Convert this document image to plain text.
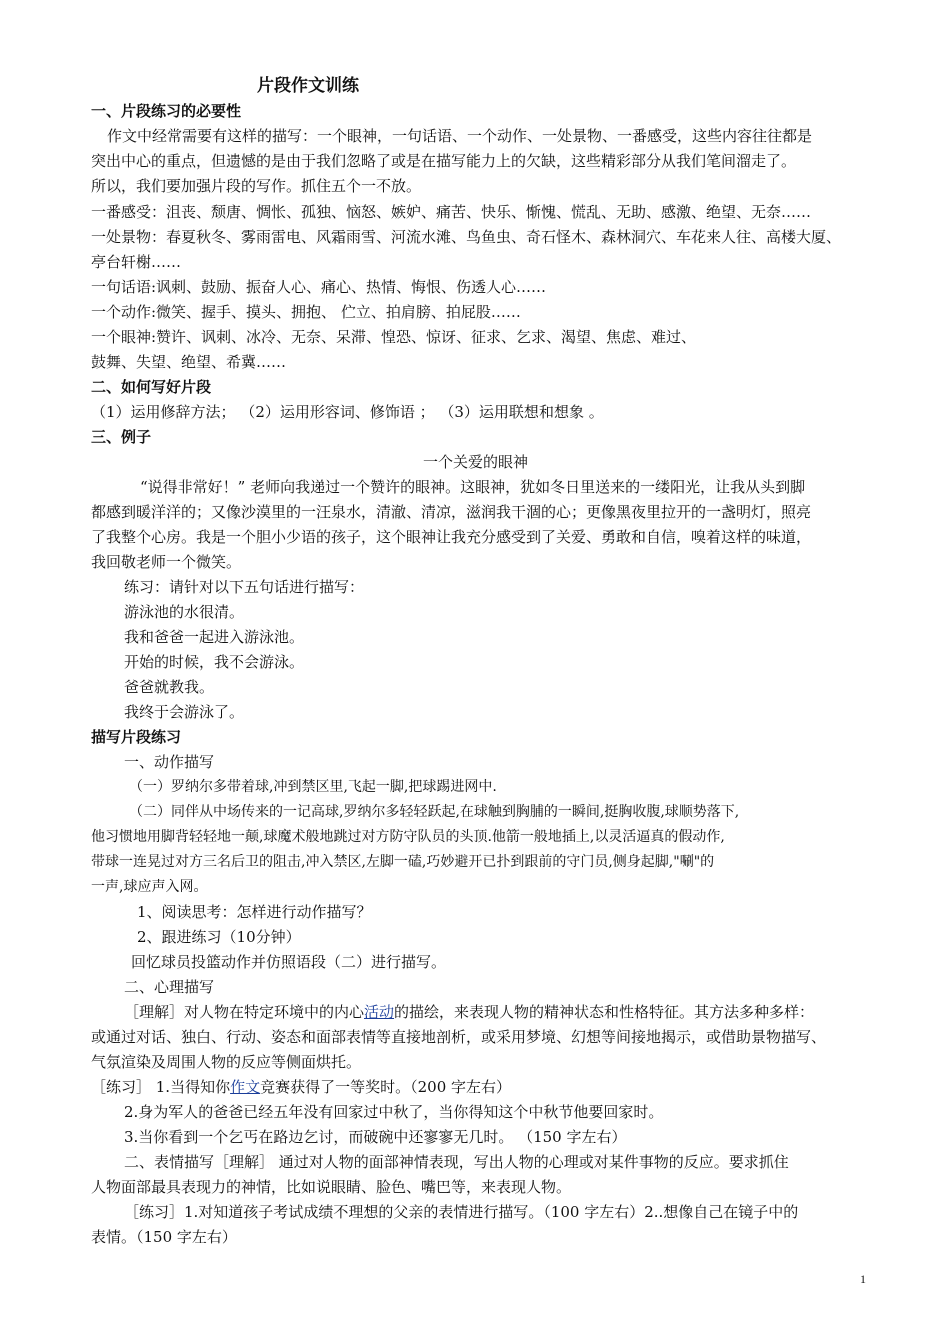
片段作文训练
一、片段练习的必要性
作文中经常需要有这样的描写：一个眼神，一句话语、一个动作、一处景物、一番感受，这些内容往往都是
突出中心的重点，但遗憾的是由于我们忽略了或是在描写能力上的欠缺，这些精彩部分从我们笔间溜走了。
所以，我们要加强片段的写作。抓住五个一不放。
一番感受：沮丧、颓唐、惆怅、孤独、恼怒、嫉妒、痛苦、快乐、惭愧、慌乱、无助、感激、绝望、无奈……
一处景物：春夏秋冬、雾雨雷电、风霜雨雪、河流水滩、鸟鱼虫、奇石怪木、森林洞穴、车花来人往、高楼大厦、
亭台轩榭……
一句话语:讽刺、鼓励、振奋人心、痛心、热情、悔恨、伤透人心……
一个动作:微笑、握手、摸头、拥抱、 伫立、拍肩膀、拍屁股……
一个眼神:赞许、讽刺、冰冷、无奈、呆滞、惶恐、惊讶、征求、乞求、渴望、焦虑、难过、
鼓舞、失望、绝望、希冀……
二、如何写好片段
（1）运用修辞方法； （2）运用形容词、修饰语 ； （3）运用联想和想象 。
三、例子
一个关爱的眼神
“说得非常好！” 老师向我递过一个赞许的眼神。这眼神，犹如冬日里送来的一缕阳光，让我从头到脚
都感到暖洋洋的；又像沙漠里的一汪泉水，清澈、清凉，滋润我干涸的心；更像黑夜里拉开的一盏明灯，照亮
了我整个心房。我是一个胆小少语的孩子，这个眼神让我充分感受到了关爱、勇敢和自信，嗅着这样的味道，
我回敬老师一个微笑。
练习：请针对以下五句话进行描写：
游泳池的水很清。
我和爸爸一起进入游泳池。
开始的时候，我不会游泳。
爸爸就教我。
我终于会游泳了。
描写片段练习
一、动作描写
（一）罗纳尔多带着球,冲到禁区里,飞起一脚,把球踢进网中.
（二）同伴从中场传来的一记高球,罗纳尔多轻轻跃起,在球触到胸脯的一瞬间,挺胸收腹,球顺势落下,
他习惯地用脚背轻轻地一颠,球魔术般地跳过对方防守队员的头顶.他箭一般地插上,以灵活逼真的假动作,
带球一连晃过对方三名后卫的阻击,冲入禁区,左脚一磕,巧妙避开已扑到跟前的守门员,侧身起脚,"唰"的
一声,球应声入网。
1、阅读思考：怎样进行动作描写？
2、跟进练习（10分钟）
回忆球员投篮动作并仿照语段（二）进行描写。
二、心理描写
［理解］对人物在特定环境中的内心活动的描绘，来表现人物的精神状态和性格特征。其方法多种多样：
或通过对话、独白、行动、姿态和面部表情等直接地剖析，或采用梦境、幻想等间接地揭示，或借助景物描写、
气氛渲染及周围人物的反应等侧面烘托。
［练习］ 1.当得知你作文竞赛获得了一等奖时。（200 字左右）
2.身为军人的爸爸已经五年没有回家过中秋了，当你得知这个中秋节他要回家时。
3.当你看到一个乞丐在路边乞讨，而破碗中还寥寥无几时。 （150 字左右）
二、表情描写［理解］ 通过对人物的面部神情表现，写出人物的心理或对某件事物的反应。要求抓住
人物面部最具表现力的神情，比如说眼睛、脸色、嘴巴等，来表现人物。
［练习］1.对知道孩子考试成绩不理想的父亲的表情进行描写。（100 字左右）2..想像自己在镜子中的
表情。（150 字左右）
1
